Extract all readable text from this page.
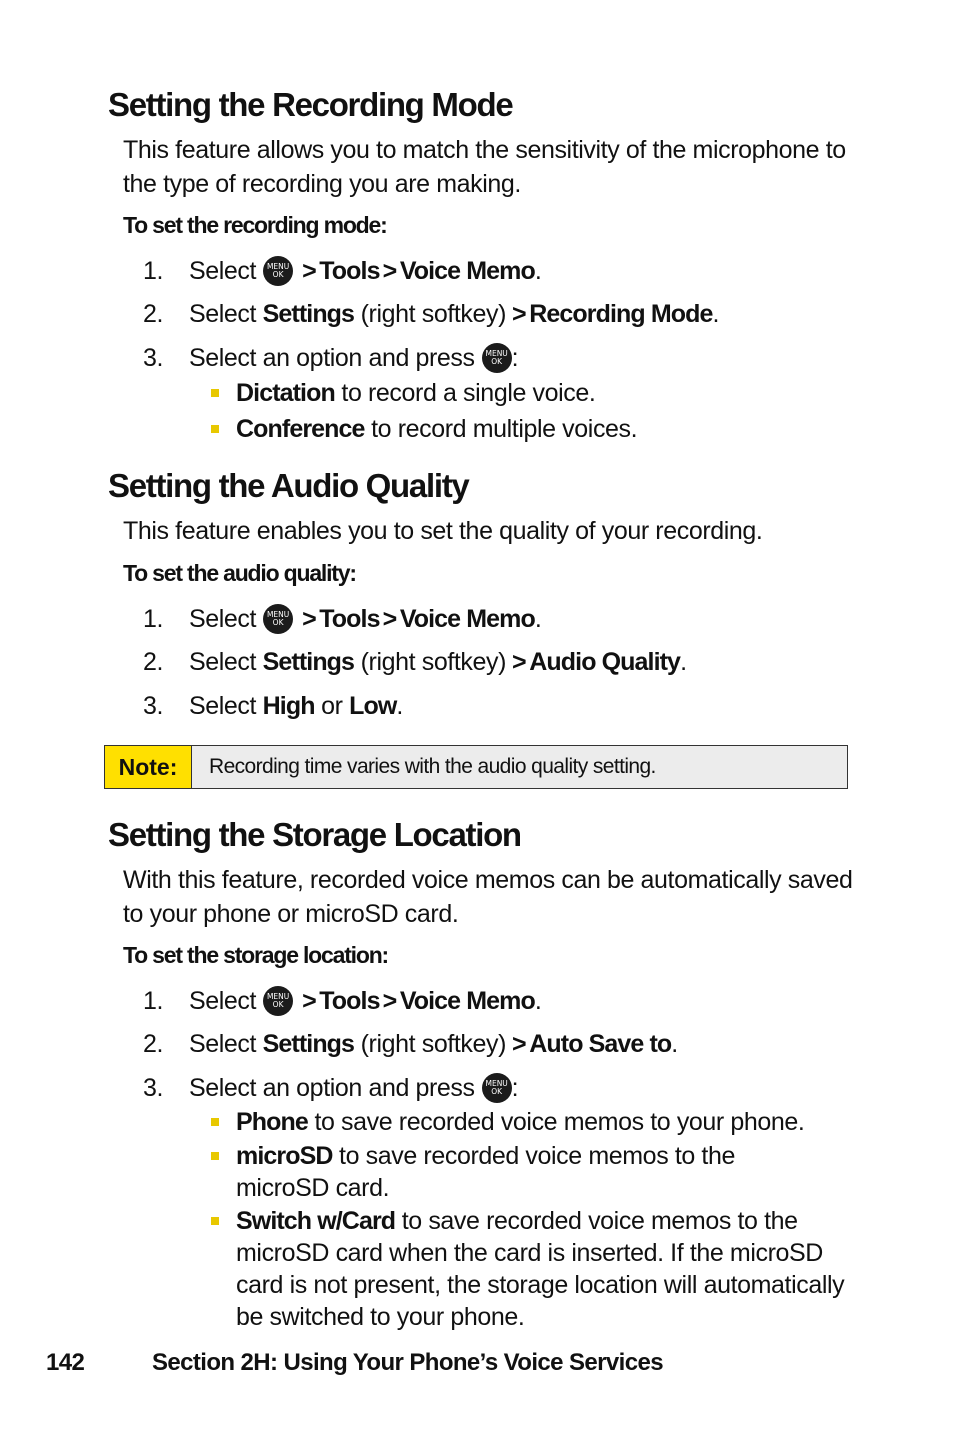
Setting the Recording Mode

This feature allows you to match the sensitivity of the microphone to the type of recording you are making.

To set the recording mode:

1.	Select	MENU
OK > Tools > Voice Memo .
2.	Select
Settings
(right softkey) > Recording Mode .
3.	Select an option and press	MENU
OK :
Dictation to record a single voice.
Conference to record multiple voices.
Setting the Audio Quality

This feature enables you to set the quality of your recording.

To set the audio quality:

1.	Select	MENU
OK > Tools > Voice Memo .
2.	Select
Settings
(right softkey) > Audio Quality .
3.	Select
High
or
Low .
Note:	Recording time varies with the audio quality setting.
Setting the Storage Location

With this feature, recorded voice memos can be automatically saved to your phone or microSD card.

To set the storage location:

1.	Select	MENU
OK > Tools > Voice Memo .
2.	Select
Settings
(right softkey) > Auto Save to .
3.	Select an option and press	MENU
OK :
Phone to save recorded voice memos to your phone.
microSD to save recorded voice memos to the microSD card.
Switch w/Card to save recorded voice memos to the microSD card when the card is inserted. If the microSD card is not present, the storage location will automatically be switched to your phone.
142	Section 2H: Using Your Phone’s Voice Services
